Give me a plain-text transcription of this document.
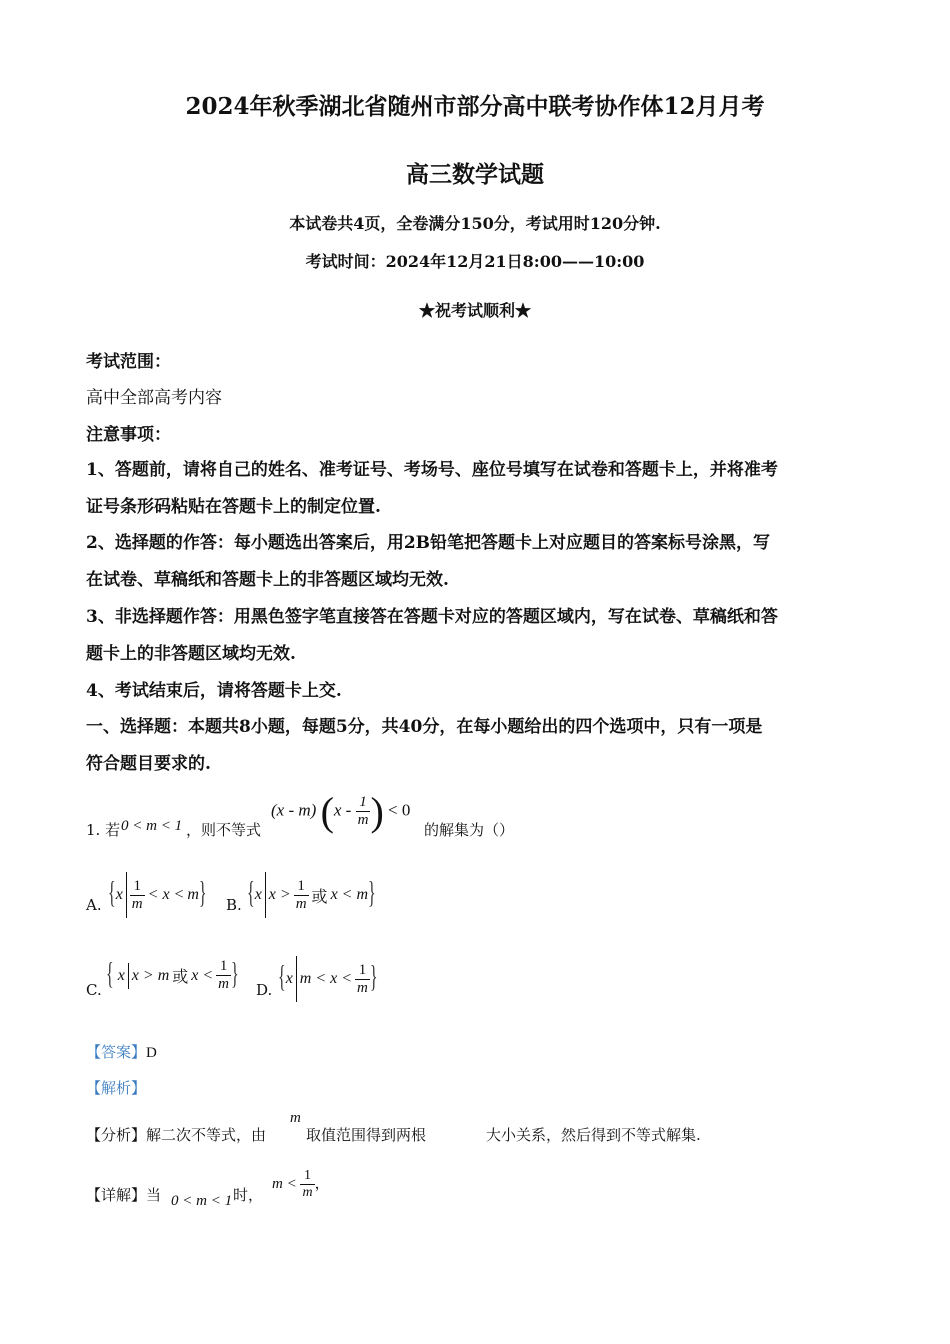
2024年秋季湖北省随州市部分高中联考协作体12月月考
高三数学试题
本试卷共4页，全卷满分150分，考试用时120分钟.
考试时间：2024年12月21日8:00——10:00
★祝考试顺利★
考试范围：
高中全部高考内容
注意事项：
1、答题前，请将自己的姓名、准考证号、考场号、座位号填写在试卷和答题卡上，并将准考
证号条形码粘贴在答题卡上的制定位置.
2、选择题的作答：每小题选出答案后，用2B铅笔把答题卡上对应题目的答案标号涂黑，写
在试卷、草稿纸和答题卡上的非答题区域均无效.
3、非选择题作答：用黑色签字笔直接答在答题卡对应的答题区域内，写在试卷、草稿纸和答
题卡上的非答题区域均无效.
4、考试结束后，请将答题卡上交.
一、选择题：本题共8小题，每题5分，共40分，在每小题给出的四个选项中，只有一项是
符合题目要求的.
1. 若 0 < m < 1 ，则不等式
(x - m) ($x - \frac{1}{m}$ ) < 0
的解集为（）
A. { x $\frac{1}{m} < x < m$ } B. { x $x > \frac{1}{m}$ 或 x < m }
C. { x x > m 或 $x < \frac{1}{m}$ } D. { x $m < x < \frac{1}{m}$ }
【答案】D
【解析】
【分析】解二次不等式，由
m
取值范围得到两根	大小关系，然后得到不等式解集.
【详解】当 0 < m < 1 时，
$m < \frac{1}{m}$ ，
